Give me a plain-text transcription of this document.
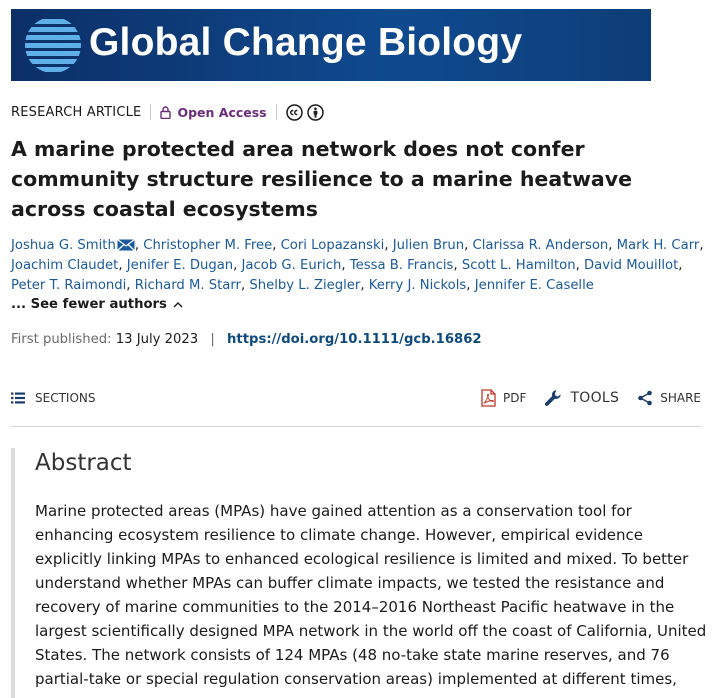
Global Change Biology
RESEARCH ARTICLE	Open Access
A marine protected area network does not confer community structure resilience to a marine heatwave across coastal ecosystems
Joshua G. Smith , Christopher M. Free, Cori Lopazanski, Julien Brun, Clarissa R. Anderson, Mark H. Carr, Joachim Claudet, Jenifer E. Dugan, Jacob G. Eurich, Tessa B. Francis, Scott L. Hamilton, David Mouillot, Peter T. Raimondi, Richard M. Starr, Shelby L. Ziegler, Kerry J. Nickols, Jennifer E. Caselle
... See fewer authors
First published: 13 July 2023 | https://doi.org/10.1111/gcb.16862
SECTIONS	PDF	TOOLS	SHARE
Abstract

Marine protected areas (MPAs) have gained attention as a conservation tool for enhancing ecosystem resilience to climate change. However, empirical evidence explicitly linking MPAs to enhanced ecological resilience is limited and mixed. To better understand whether MPAs can buffer climate impacts, we tested the resistance and recovery of marine communities to the 2014–2016 Northeast Pacific heatwave in the largest scientifically designed MPA network in the world off the coast of California, United States. The network consists of 124 MPAs (48 no-take state marine reserves, and 76 partial-take or special regulation conservation areas) implemented at different times,
